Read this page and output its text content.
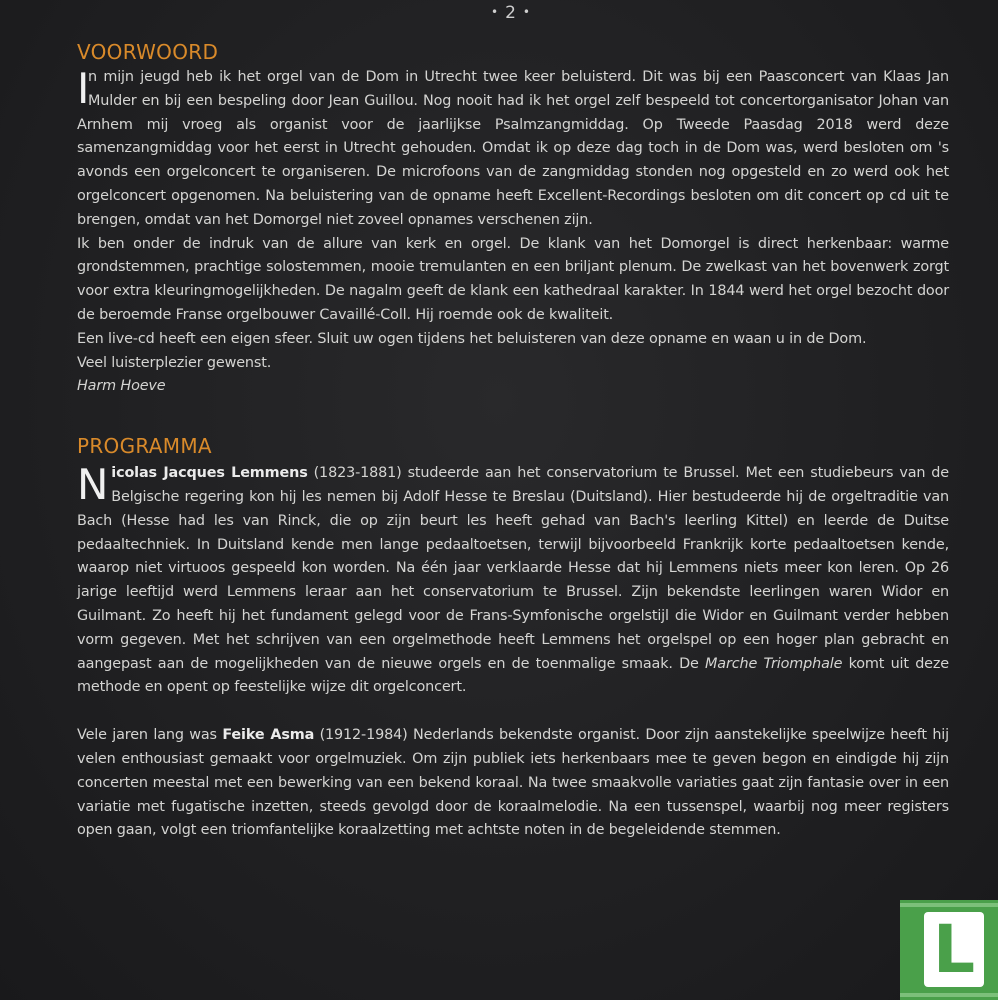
• 2 •
VOORWOORD

I
n mijn jeugd heb ik het orgel van de Dom in Utrecht twee keer beluisterd. Dit was bij een Paasconcert van Klaas Jan Mulder en bij een bespeling door Jean Guillou. Nog nooit had ik het orgel zelf bespeeld tot concertorganisator Johan van Arnhem mij vroeg als organist voor de jaarlijkse Psalmzangmiddag. Op Tweede Paasdag 2018 werd deze samenzangmiddag voor het eerst in Utrecht gehouden. Omdat ik op deze dag toch in de Dom was, werd besloten om 's avonds een orgelconcert te organiseren. De microfoons van de zangmiddag stonden nog opgesteld en zo werd ook het orgelconcert opgenomen. Na beluistering van de opname heeft Excellent-Recordings besloten om dit concert op cd uit te brengen, omdat van het Domorgel niet zoveel opnames verschenen zijn.

Ik ben onder de indruk van de allure van kerk en orgel. De klank van het Domorgel is direct herkenbaar: warme grondstemmen, prachtige solostemmen, mooie tremulanten en een briljant plenum. De zwelkast van het bovenwerk zorgt voor extra kleuringmogelijkheden. De nagalm geeft de klank een kathedraal karakter. In 1844 werd het orgel bezocht door de beroemde Franse orgelbouwer Cavaillé-Coll. Hij roemde ook de kwaliteit.

Een live-cd heeft een eigen sfeer. Sluit uw ogen tijdens het beluisteren van deze opname en waan u in de Dom.

Veel luisterplezier gewenst.

Harm Hoeve

PROGRAMMA

Nicolas Jacques Lemmens (1823-1881) studeerde aan het conservatorium te Brussel. Met een studiebeurs van de Belgische regering kon hij les nemen bij Adolf Hesse te Breslau (Duitsland). Hier bestudeerde hij de orgeltraditie van Bach (Hesse had les van Rinck, die op zijn beurt les heeft gehad van Bach's leerling Kittel) en leerde de Duitse pedaaltechniek. In Duitsland kende men lange pedaaltoetsen, terwijl bijvoorbeeld Frankrijk korte pedaaltoetsen kende, waarop niet virtuoos gespeeld kon worden. Na één jaar verklaarde Hesse dat hij Lemmens niets meer kon leren. Op 26 jarige leeftijd werd Lemmens leraar aan het conservatorium te Brussel. Zijn bekendste leerlingen waren Widor en Guilmant. Zo heeft hij het fundament gelegd voor de Frans-Symfonische orgelstijl die Widor en Guilmant verder hebben vorm gegeven. Met het schrijven van een orgelmethode heeft Lemmens het orgelspel op een hoger plan gebracht en aangepast aan de mogelijkheden van de nieuwe orgels en de toenmalige smaak. De Marche Triomphale komt uit deze methode en opent op feestelijke wijze dit orgelconcert.

Vele jaren lang was Feike Asma (1912-1984) Nederlands bekendste organist. Door zijn aanstekelijke speelwijze heeft hij velen enthousiast gemaakt voor orgelmuziek. Om zijn publiek iets herkenbaars mee te geven begon en eindigde hij zijn concerten meestal met een bewerking van een bekend koraal. Na twee smaakvolle variaties gaat zijn fantasie over in een variatie met fugatische inzetten, steeds gevolgd door de koraalmelodie. Na een tussenspel, waarbij nog meer registers open gaan, volgt een triomfantelijke koraalzetting met achtste noten in de begeleidende stemmen.

L
